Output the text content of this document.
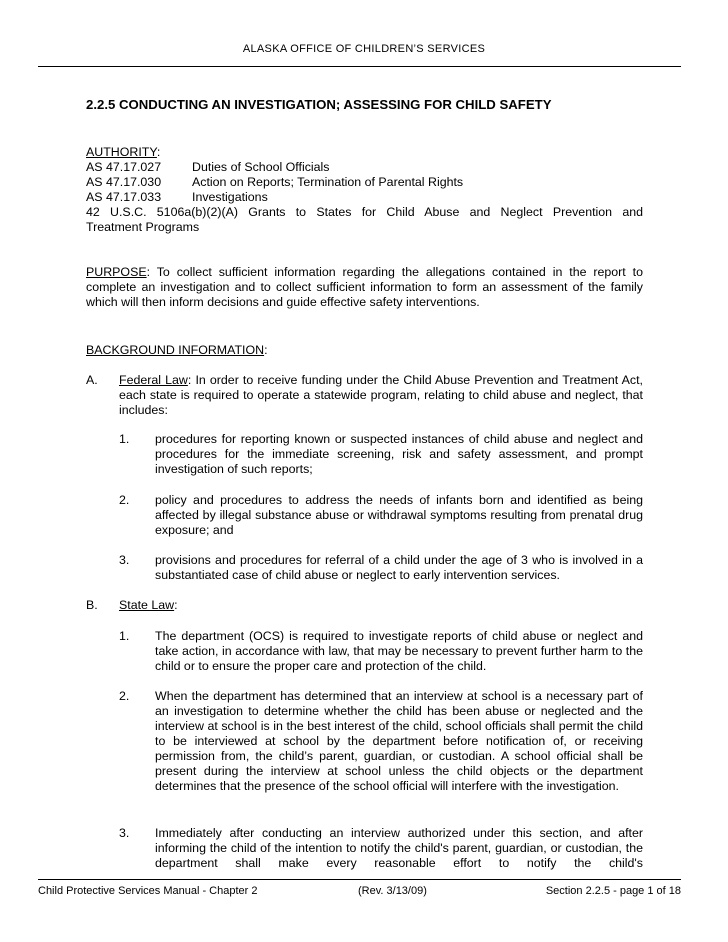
ALASKA OFFICE OF CHILDREN’S SERVICES
2.2.5 CONDUCTING AN INVESTIGATION; ASSESSING FOR CHILD SAFETY
AUTHORITY:
AS 47.17.027	Duties of School Officials
AS 47.17.030	Action on Reports; Termination of Parental Rights
AS 47.17.033	Investigations
42 U.S.C. 5106a(b)(2)(A) Grants to States for Child Abuse and Neglect Prevention and
Treatment Programs
PURPOSE: To collect sufficient information regarding the allegations contained in the report to complete an investigation and to collect sufficient information to form an assessment of the family which will then inform decisions and guide effective safety interventions.
BACKGROUND INFORMATION:
A. Federal Law: In order to receive funding under the Child Abuse Prevention and Treatment Act, each state is required to operate a statewide program, relating to child abuse and neglect, that includes:
1. procedures for reporting known or suspected instances of child abuse and neglect and procedures for the immediate screening, risk and safety assessment, and prompt investigation of such reports;
2. policy and procedures to address the needs of infants born and identified as being affected by illegal substance abuse or withdrawal symptoms resulting from prenatal drug exposure; and
3. provisions and procedures for referral of a child under the age of 3 who is involved in a substantiated case of child abuse or neglect to early intervention services.
B. State Law:
1. The department (OCS) is required to investigate reports of child abuse or neglect and take action, in accordance with law, that may be necessary to prevent further harm to the child or to ensure the proper care and protection of the child.
2. When the department has determined that an interview at school is a necessary part of an investigation to determine whether the child has been abuse or neglected and the interview at school is in the best interest of the child, school officials shall permit the child to be interviewed at school by the department before notification of, or receiving permission from, the child’s parent, guardian, or custodian. A school official shall be present during the interview at school unless the child objects or the department determines that the presence of the school official will interfere with the investigation.
3. Immediately after conducting an interview authorized under this section, and after informing the child of the intention to notify the child's parent, guardian, or custodian, the department shall make every reasonable effort to notify the child's
Child Protective Services Manual - Chapter 2	(Rev. 3/13/09)	Section 2.2.5 - page 1 of 18
